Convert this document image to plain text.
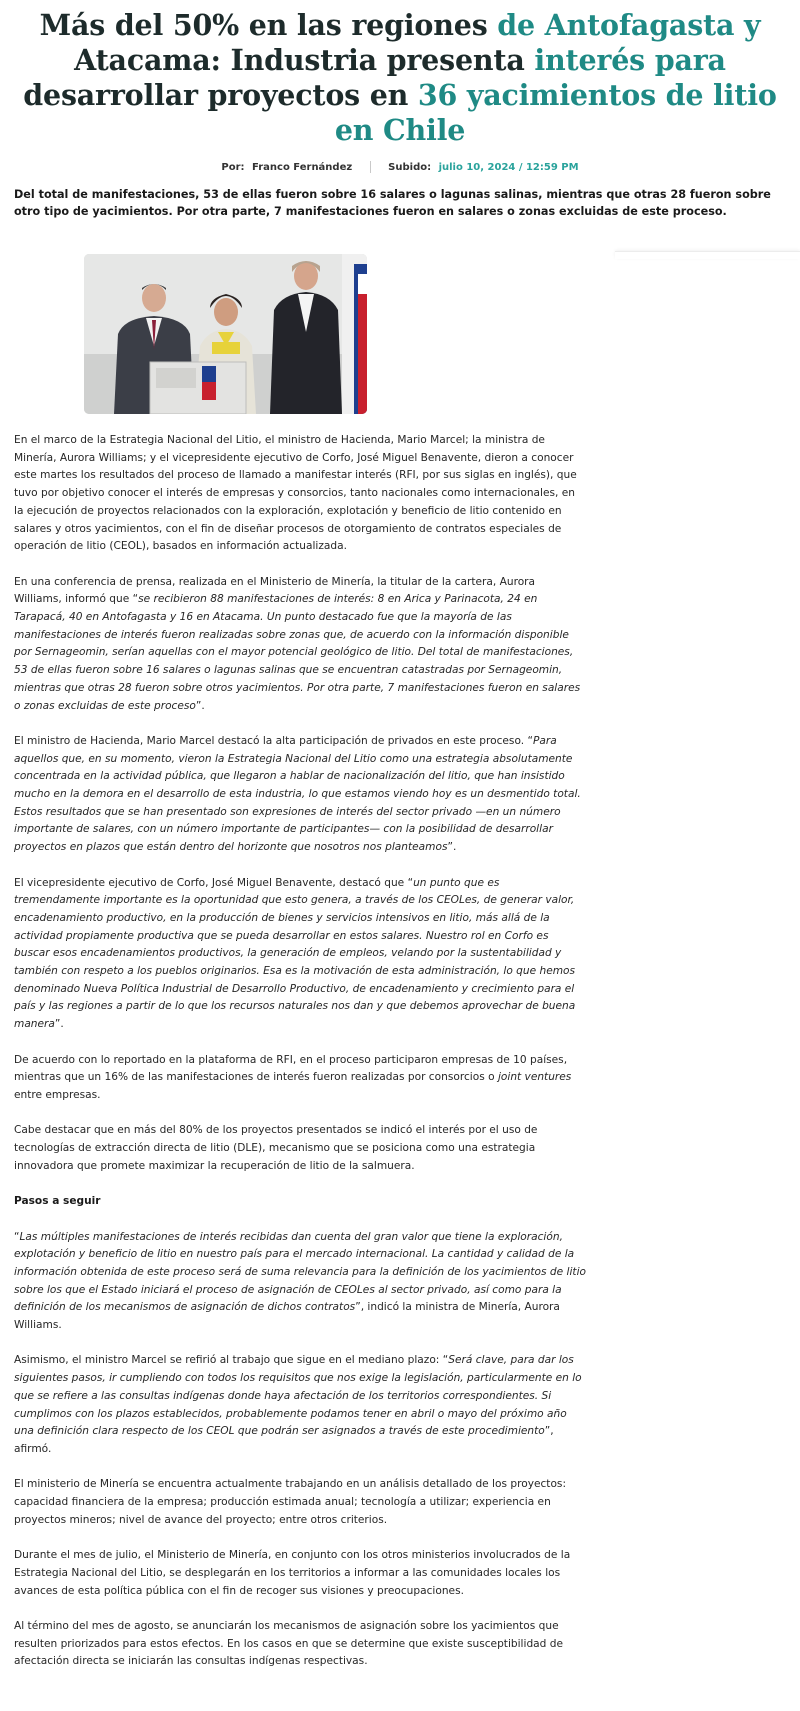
Más del 50% en las regiones de Antofagasta y
Atacama: Industria presenta interés para
desarrollar proyectos en 36 yacimientos de litio
en Chile
Por: Franco Fernández	Subido: julio 10, 2024 / 12:59 PM

Del total de manifestaciones, 53 de ellas fueron sobre 16 salares o lagunas salinas, mientras que otras 28 fueron sobre otro tipo de yacimientos. Por otra parte, 7 manifestaciones fueron en salares o zonas excluidas de este proceso.

En el marco de la Estrategia Nacional del Litio, el ministro de Hacienda, Mario Marcel; la ministra de Minería, Aurora Williams; y el vicepresidente ejecutivo de Corfo, José Miguel Benavente, dieron a conocer este martes los resultados del proceso de llamado a manifestar interés (RFI, por sus siglas en inglés), que tuvo por objetivo conocer el interés de empresas y consorcios, tanto nacionales como internacionales, en la ejecución de proyectos relacionados con la exploración, explotación y beneficio de litio contenido en salares y otros yacimientos, con el fin de diseñar procesos de otorgamiento de contratos especiales de operación de litio (CEOL), basados en información actualizada.

En una conferencia de prensa, realizada en el Ministerio de Minería, la titular de la cartera, Aurora Williams, informó que “se recibieron 88 manifestaciones de interés: 8 en Arica y Parinacota, 24 en Tarapacá, 40 en Antofagasta y 16 en Atacama. Un punto destacado fue que la mayoría de las manifestaciones de interés fueron realizadas sobre zonas que, de acuerdo con la información disponible por Sernageomin, serían aquellas con el mayor potencial geológico de litio. Del total de manifestaciones, 53 de ellas fueron sobre 16 salares o lagunas salinas que se encuentran catastradas por Sernageomin, mientras que otras 28 fueron sobre otros yacimientos. Por otra parte, 7 manifestaciones fueron en salares o zonas excluidas de este proceso”.

El ministro de Hacienda, Mario Marcel destacó la alta participación de privados en este proceso. “Para aquellos que, en su momento, vieron la Estrategia Nacional del Litio como una estrategia absolutamente concentrada en la actividad pública, que llegaron a hablar de nacionalización del litio, que han insistido mucho en la demora en el desarrollo de esta industria, lo que estamos viendo hoy es un desmentido total. Estos resultados que se han presentado son expresiones de interés del sector privado —en un número importante de salares, con un número importante de participantes— con la posibilidad de desarrollar proyectos en plazos que están dentro del horizonte que nosotros nos planteamos”.

El vicepresidente ejecutivo de Corfo, José Miguel Benavente, destacó que “un punto que es tremendamente importante es la oportunidad que esto genera, a través de los CEOLes, de generar valor, encadenamiento productivo, en la producción de bienes y servicios intensivos en litio, más allá de la actividad propiamente productiva que se pueda desarrollar en estos salares. Nuestro rol en Corfo es buscar esos encadenamientos productivos, la generación de empleos, velando por la sustentabilidad y también con respeto a los pueblos originarios. Esa es la motivación de esta administración, lo que hemos denominado Nueva Política Industrial de Desarrollo Productivo, de encadenamiento y crecimiento para el país y las regiones a partir de lo que los recursos naturales nos dan y que debemos aprovechar de buena manera”.

De acuerdo con lo reportado en la plataforma de RFI, en el proceso participaron empresas de 10 países, mientras que un 16% de las manifestaciones de interés fueron realizadas por consorcios o joint ventures entre empresas.

Cabe destacar que en más del 80% de los proyectos presentados se indicó el interés por el uso de tecnologías de extracción directa de litio (DLE), mecanismo que se posiciona como una estrategia innovadora que promete maximizar la recuperación de litio de la salmuera.

Pasos a seguir

“Las múltiples manifestaciones de interés recibidas dan cuenta del gran valor que tiene la exploración, explotación y beneficio de litio en nuestro país para el mercado internacional. La cantidad y calidad de la información obtenida de este proceso será de suma relevancia para la definición de los yacimientos de litio sobre los que el Estado iniciará el proceso de asignación de CEOLes al sector privado, así como para la definición de los mecanismos de asignación de dichos contratos”, indicó la ministra de Minería, Aurora Williams.

Asimismo, el ministro Marcel se refirió al trabajo que sigue en el mediano plazo: “Será clave, para dar los siguientes pasos, ir cumpliendo con todos los requisitos que nos exige la legislación, particularmente en lo que se refiere a las consultas indígenas donde haya afectación de los territorios correspondientes. Si cumplimos con los plazos establecidos, probablemente podamos tener en abril o mayo del próximo año una definición clara respecto de los CEOL que podrán ser asignados a través de este procedimiento”, afirmó.

El ministerio de Minería se encuentra actualmente trabajando en un análisis detallado de los proyectos: capacidad financiera de la empresa; producción estimada anual; tecnología a utilizar; experiencia en proyectos mineros; nivel de avance del proyecto; entre otros criterios.

Durante el mes de julio, el Ministerio de Minería, en conjunto con los otros ministerios involucrados de la Estrategia Nacional del Litio, se desplegarán en los territorios a informar a las comunidades locales los avances de esta política pública con el fin de recoger sus visiones y preocupaciones.

Al término del mes de agosto, se anunciarán los mecanismos de asignación sobre los yacimientos que resulten priorizados para estos efectos. En los casos en que se determine que existe susceptibilidad de afectación directa se iniciarán las consultas indígenas respectivas.
